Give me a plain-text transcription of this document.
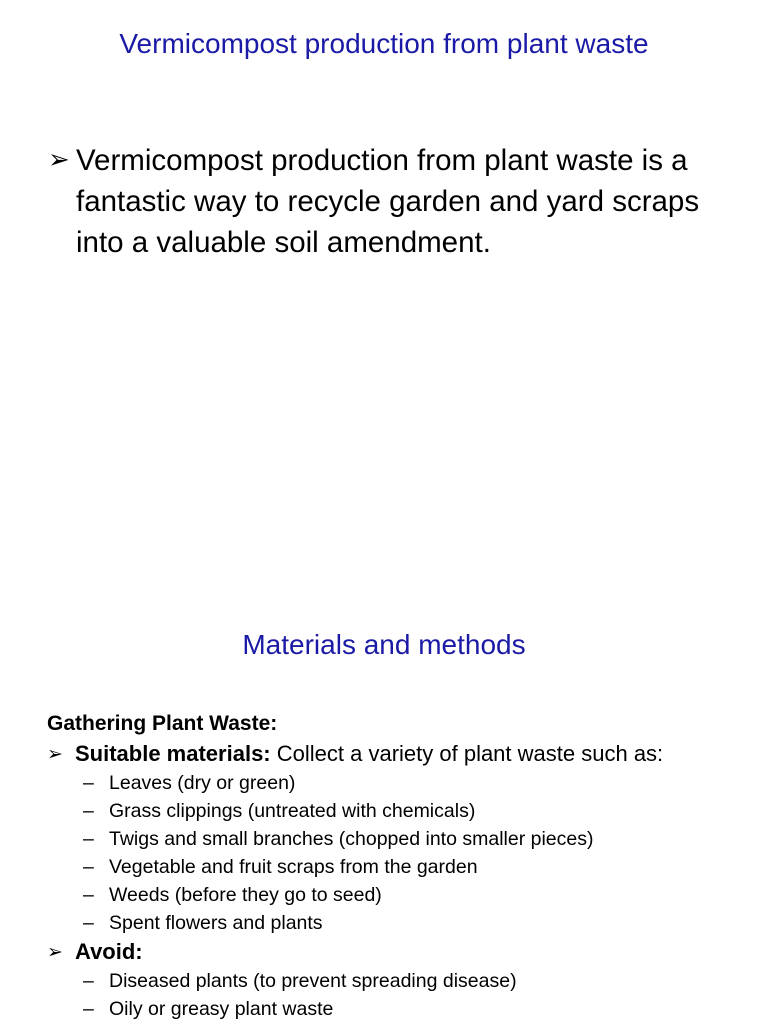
Vermicompost production from plant waste
➢ Vermicompost production from plant waste is a fantastic way to recycle garden and yard scraps into a valuable soil amendment.
Materials and methods

Gathering Plant Waste:

➢ Suitable materials: Collect a variety of plant waste such as:
– Leaves (dry or green)
– Grass clippings (untreated with chemicals)
– Twigs and small branches (chopped into smaller pieces)
– Vegetable and fruit scraps from the garden
– Weeds (before they go to seed)
– Spent flowers and plants
➢ Avoid:
– Diseased plants (to prevent spreading disease)
– Oily or greasy plant waste
